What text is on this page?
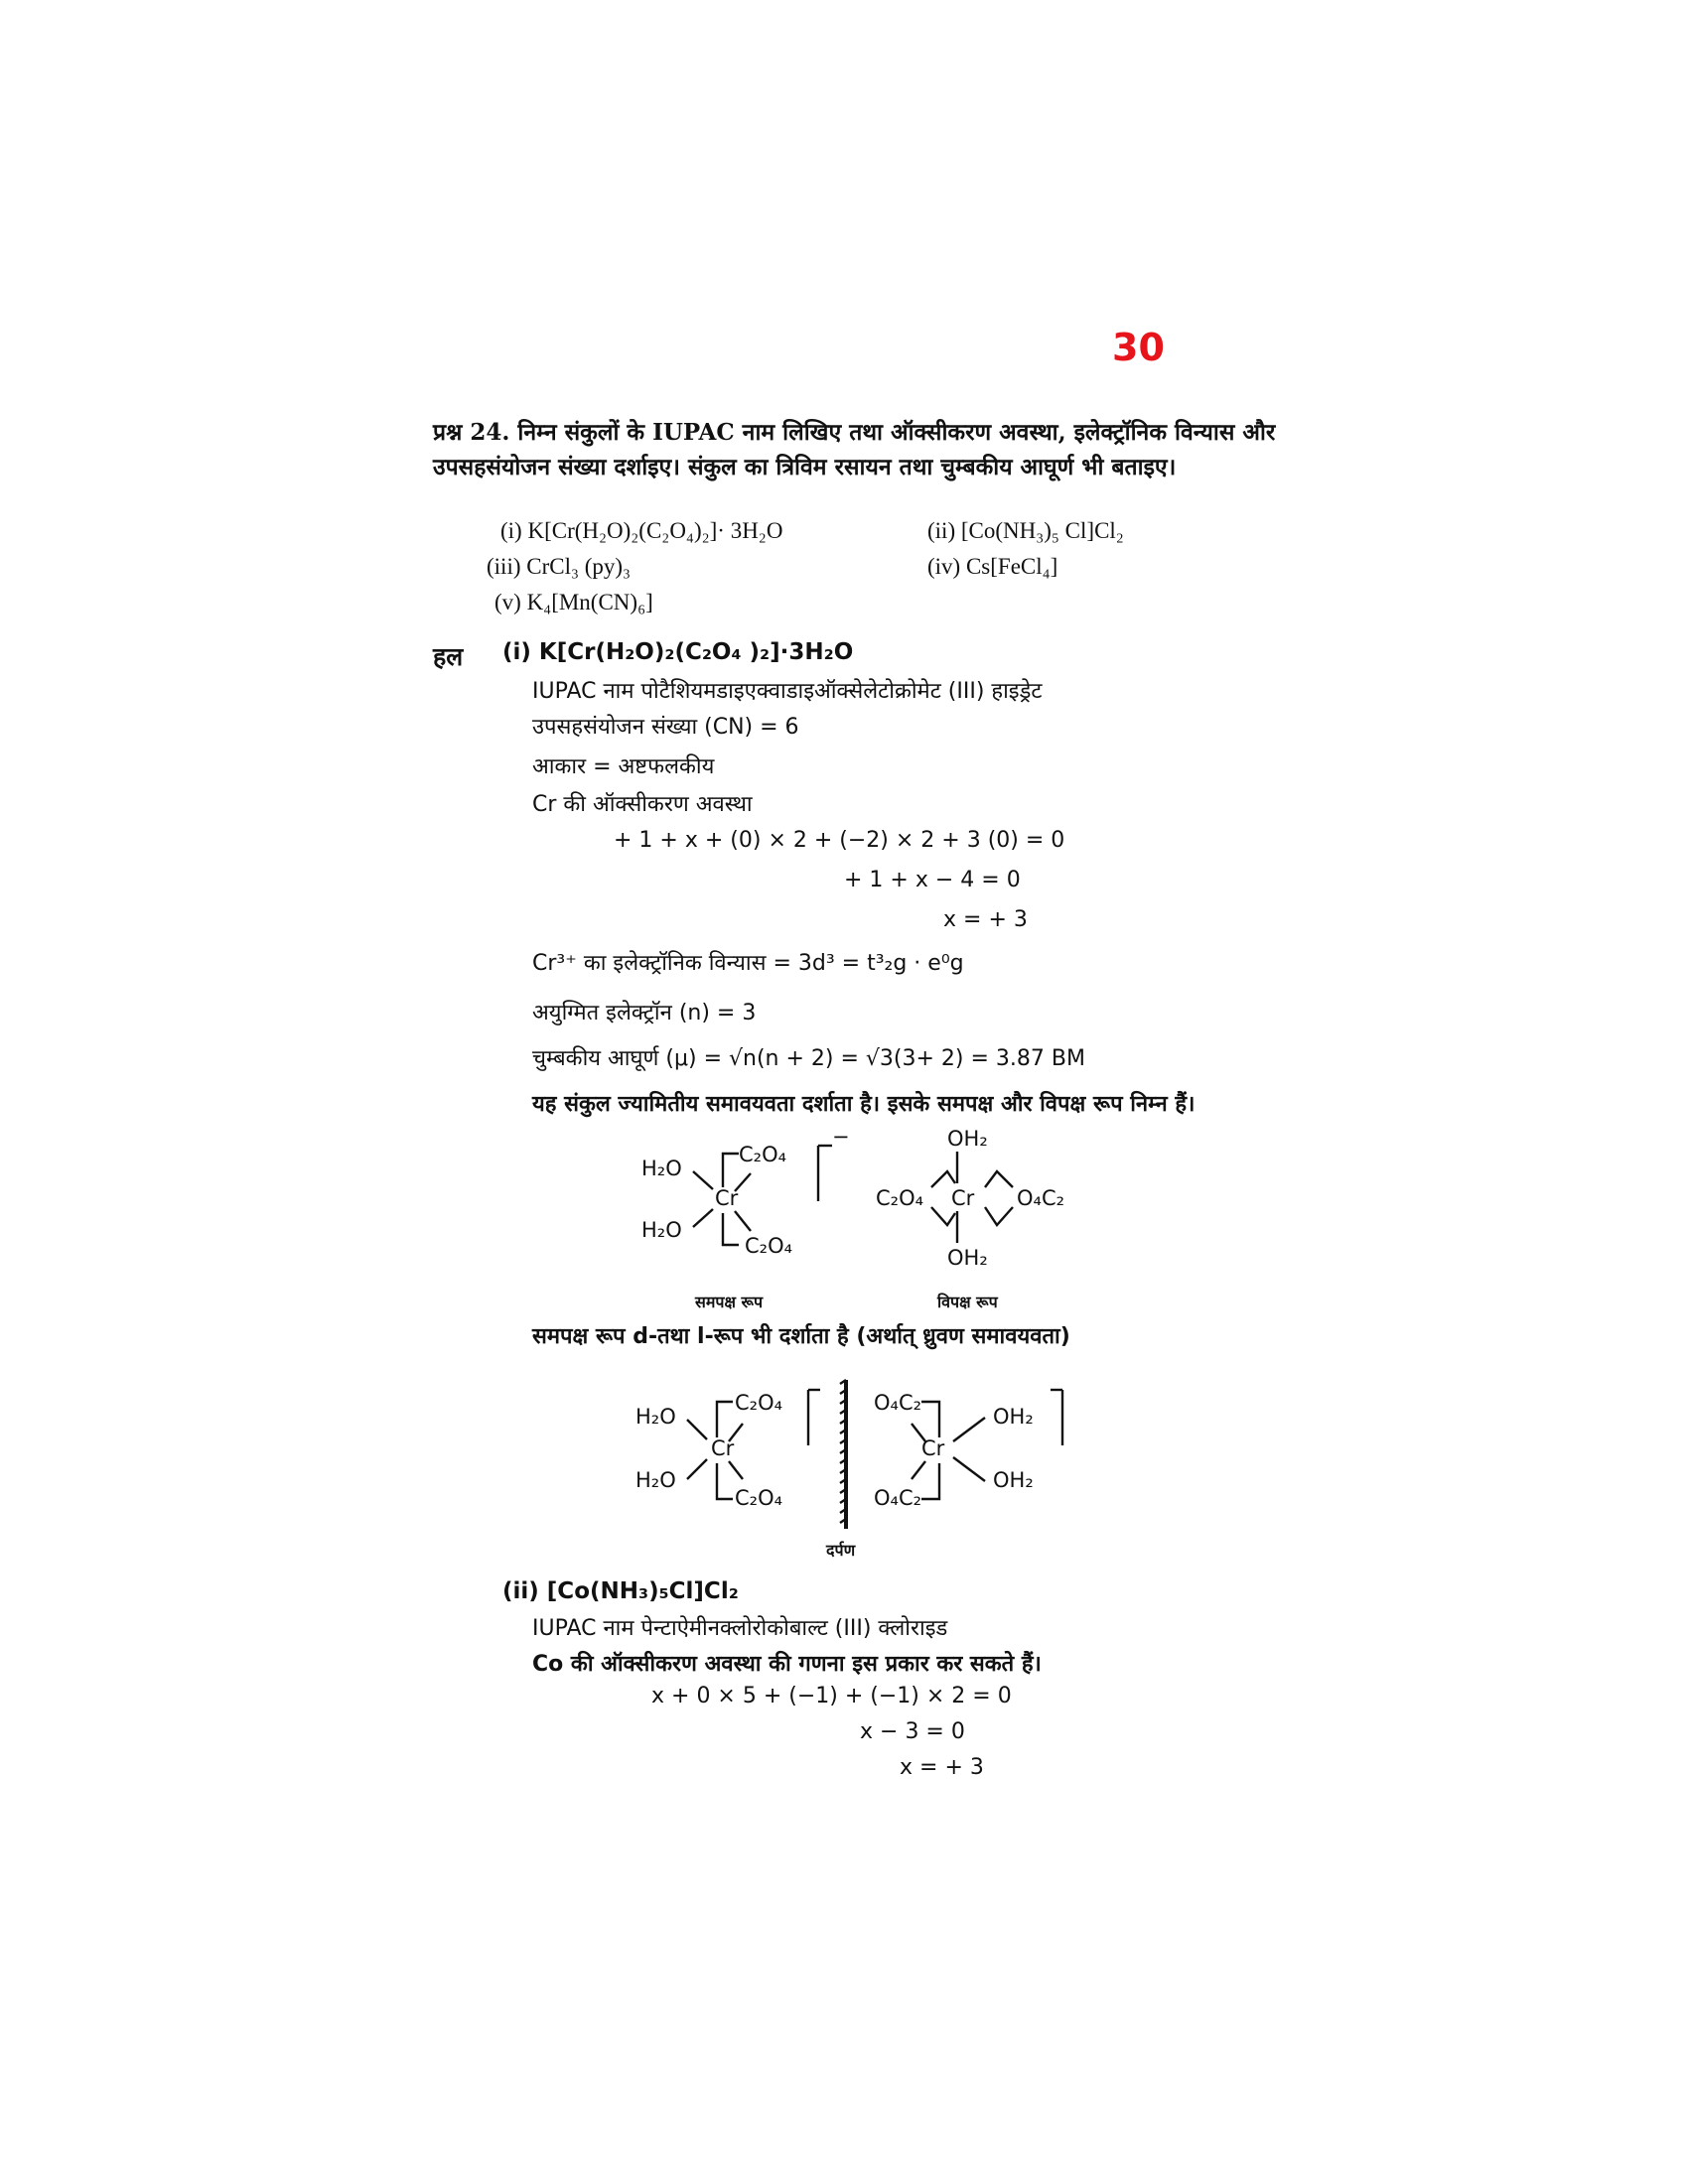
30
प्रश्न 24. निम्न संकुलों के IUPAC नाम लिखिए तथा ऑक्सीकरण अवस्था, इलेक्ट्रॉनिक विन्यास और उपसहसंयोजन संख्या दर्शाइए। संकुल का त्रिविम रसायन तथा चुम्बकीय आघूर्ण भी बताइए।
(i) K[Cr(H₂O)₂(C₂O₄)₂]· 3H₂O	(ii) [Co(NH₃)₅ Cl]Cl₂
(iii) CrCl₃ (py)₃	(iv) Cs[FeCl₄]
(v) K₄[Mn(CN)₆]
हल (i) K[Cr(H₂O)₂(C₂O₄ )₂]·3H₂O
IUPAC नाम पोटैशियमडाइएक्वाडाइऑक्सेलेटोक्रोमेट (III) हाइड्रेट
उपसहसंयोजन संख्या (CN) = 6
आकार = अष्टफलकीय
Cr की ऑक्सीकरण अवस्था
+ 1 + x + (0) × 2 + (−2) × 2 + 3 (0) = 0
+ 1 + x − 4 = 0
x = + 3
Cr³⁺ का इलेक्ट्रॉनिक विन्यास = 3d³ = t³₂g · e⁰g
अयुग्मित इलेक्ट्रॉन (n) = 3
चुम्बकीय आघूर्ण (μ) = √n(n + 2) = √3(3+ 2) = 3.87 BM
यह संकुल ज्यामितीय समावयवता दर्शाता है। इसके समपक्ष और विपक्ष रूप निम्न हैं।
H₂O
H₂O
Cr
C₂O₄
C₂O₄
−	OH₂
OH₂
C₂O₄ Cr O₄C₂
समपक्ष रूप	विपक्ष रूप
समपक्ष रूप d-तथा l-रूप भी दर्शाता है (अर्थात् ध्रुवण समावयवता)
H₂O
H₂O
Cr
C₂O₄
C₂O₄
O₄C₂
O₄C₂
Cr
OH₂
OH₂
दर्पण
(ii) [Co(NH₃)₅Cl]Cl₂
IUPAC नाम पेन्टाऐमीनक्लोरोकोबाल्ट (III) क्लोराइड
Co की ऑक्सीकरण अवस्था की गणना इस प्रकार कर सकते हैं।
x + 0 × 5 + (−1) + (−1) × 2 = 0
x − 3 = 0
x = + 3
